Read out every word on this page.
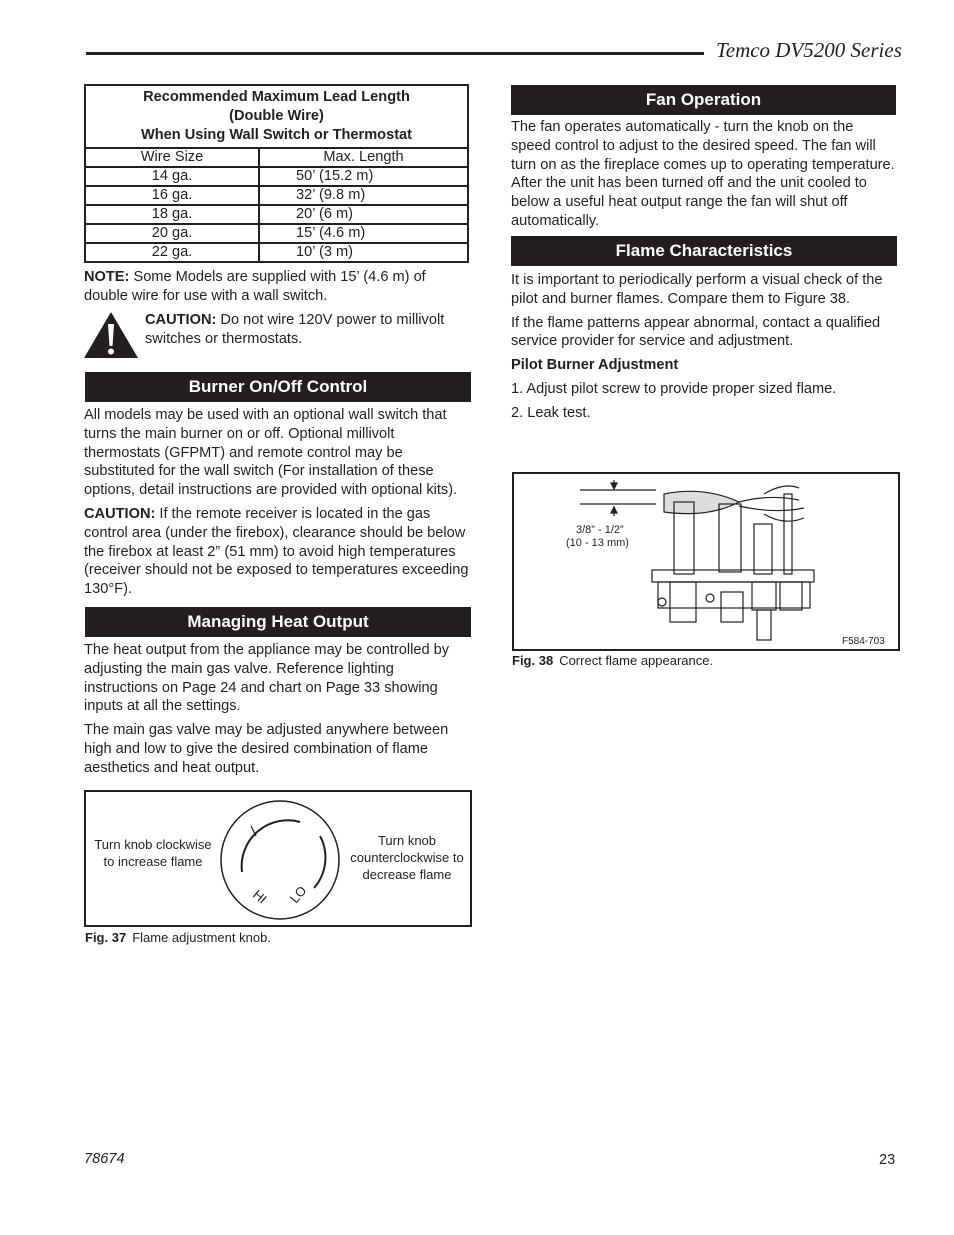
Temco DV5200 Series
Recommended Maximum Lead Length
(Double Wire)
When Using Wall Switch or Thermostat	

Wire Size	Max. Length
14 ga.	50’ (15.2 m)
16 ga.	32’ (9.8 m)
18 ga.	20’ (6 m)
20 ga.	15’ (4.6 m)
22 ga.	10’ (3 m)

NOTE: Some Models are supplied with 15’ (4.6 m) of double wire for use with a wall switch.

CAUTION: Do not wire 120V power to millivolt switches or thermostats.

Burner On/Off Control

All models may be used with an optional wall switch that turns the main burner on or off. Optional millivolt thermostats (GFPMT) and remote control may be substituted for the wall switch (For installation of these options, detail instructions are provided with optional kits).

CAUTION: If the remote receiver is located in the gas control area (under the firebox), clearance should be below the firebox at least 2” (51 mm) to avoid high temperatures (receiver should not be exposed to temperatures exceeding 130°F).

Managing Heat Output

The heat output from the appliance may be controlled by adjusting the main gas valve. Reference lighting instructions on Page 24 and chart on Page 33 showing inputs at all the settings.

The main gas valve may be adjusted anywhere between high and low to give the desired combination of flame aesthetics and heat output.

Turn knob clockwise to increase flame
Turn knob counterclockwise to decrease flame
HI LO
Fig. 37 Flame adjustment knob.
Fan Operation

The fan operates automatically - turn the knob on the speed control to adjust to the desired speed. The fan will turn on as the fireplace comes up to operating temperature. After the unit has been turned off and the unit cooled to below a useful heat output range the fan will shut off automatically.

Flame Characteristics

It is important to periodically perform a visual check of the pilot and burner flames. Compare them to Figure 38.

If the flame patterns appear abnormal, contact a qualified service provider for service and adjustment.

Pilot Burner Adjustment

1. Adjust pilot screw to provide proper sized flame.

2. Leak test.

3/8” - 1/2”
(10 - 13 mm)
F584-703
Fig. 38 Correct flame appearance.
78674	23
